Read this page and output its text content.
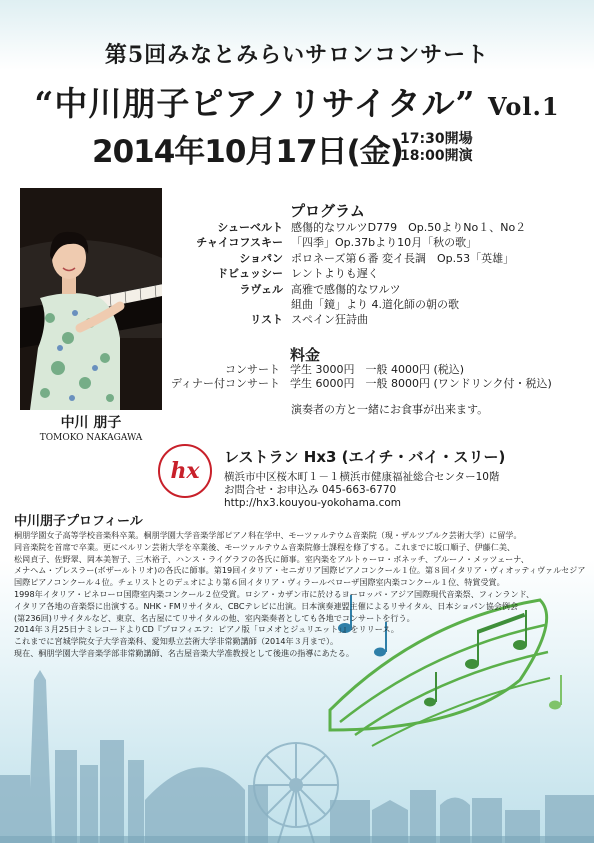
第5回みなとみらいサロンコンサート
“中川朋子ピアノリサイタル” Vol.1
2014年10月17日(金)
17:30開場
18:00開演
中川 朋子
TOMOKO NAKAGAWA
プログラム
シューベルト 感傷的なワルツD779　Op.50よりNo１、No２
チャイコフスキー 「四季」Op.37bより10月「秋の歌」
ショパン ポロネーズ第６番 変イ長調　Op.53「英雄」
ドビュッシー レントよりも遅く
ラヴェル 高雅で感傷的なワルツ
組曲「鏡」より 4.道化師の朝の歌
リスト スペイン狂詩曲
料金
コンサート 学生 3000円　一般 4000円 (税込)
ディナー付コンサート 学生 6000円　一般 8000円 (ワンドリンク付・税込)
演奏者の方と一緒にお食事が出来ます。
hx
レストラン Hx3 (エイチ・バイ・スリー)
横浜市中区桜木町１－１横浜市健康福祉総合センター10階
お問合せ・お申込み 045-663-6770
http://hx3.kouyou-yokohama.com
中川朋子プロフィール
桐朋学園女子高等学校音楽科卒業。桐朋学園大学音楽学部ピアノ科在学中、モーツァルテウム音楽院（現・ザルツブルク芸術大学）に留学。
同音楽院を首席で卒業。更にベルリン芸術大学を卒業後、モーツァルテウム音楽院修士課程を修了する。これまでに坂口順子、伊藤仁美、
松岡貞子、佐野翠、岡本美智子、三木裕子、ハンス・ライグラフの各氏に師事。室内楽をアルトゥーロ・ボネッチ、ブルーノ・メッツェーナ、
メナヘム・プレスラー(ボザールトリオ)の各氏に師事。第19回イタリア・セニガリア国際ピアノコンクール１位。第８回イタリア・ヴィオッティヴァルセジア
国際ピアノコンクール４位。チェリストとのデュオにより第６回イタリア・ヴィラールベローザ国際室内楽コンクール１位、特賞受賞。
1998年イタリア・ピネローロ国際室内楽コンクール２位受賞。ロシア・カザン市に於けるヨーロッパ・アジア国際現代音楽祭、フィンランド、
イタリア各地の音楽祭に出演する。NHK・FMリサイタル、CBCテレビに出演。日本演奏連盟主催によるリサイタル、日本ショパン協会例会
(第236回)リサイタルなど、東京、名古屋にてリサイタルの他、室内楽奏者としても各地でコンサートを行う。
2014年３月25日ナミレコードよりCD『プロフィエフ：ピアノ版「ロメオとジュリエット」』をリリース。
これまでに宮城学院女子大学音楽科、愛知県立芸術大学非常勤講師（2014年３月まで）。
現在、桐朋学園大学音楽学部非常勤講師、名古屋音楽大学准教授として後進の指導にあたる。
